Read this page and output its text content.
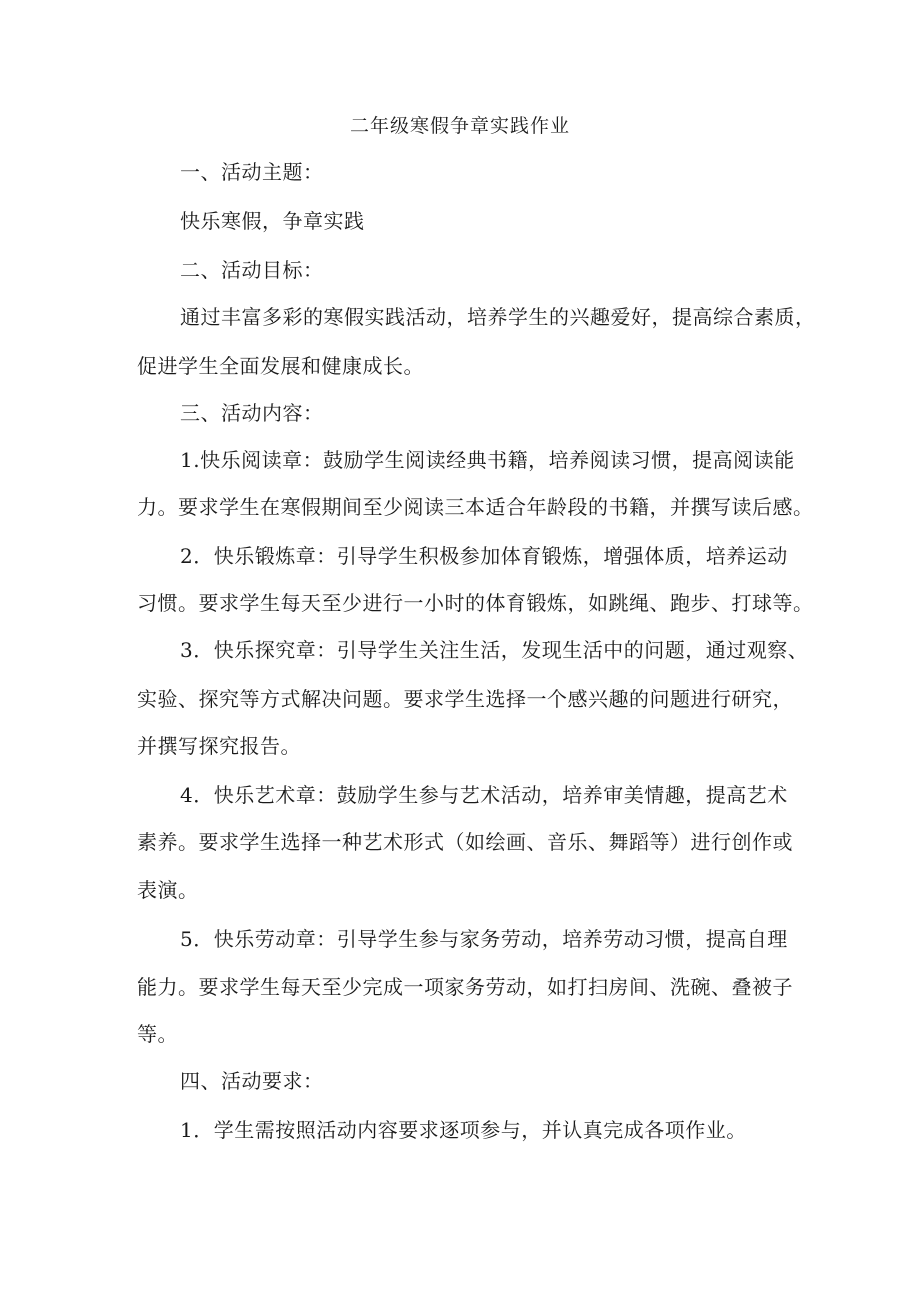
二年级寒假争章实践作业
一、活动主题：
快乐寒假，争章实践
二、活动目标：
通过丰富多彩的寒假实践活动，培养学生的兴趣爱好，提高综合素质，
促进学生全面发展和健康成长。
三、活动内容：
1.快乐阅读章：鼓励学生阅读经典书籍，培养阅读习惯，提高阅读能
力。要求学生在寒假期间至少阅读三本适合年龄段的书籍，并撰写读后感。
2．快乐锻炼章：引导学生积极参加体育锻炼，增强体质，培养运动
习惯。要求学生每天至少进行一小时的体育锻炼，如跳绳、跑步、打球等。
3．快乐探究章：引导学生关注生活，发现生活中的问题，通过观察、
实验、探究等方式解决问题。要求学生选择一个感兴趣的问题进行研究，
并撰写探究报告。
4．快乐艺术章：鼓励学生参与艺术活动，培养审美情趣，提高艺术
素养。要求学生选择一种艺术形式（如绘画、音乐、舞蹈等）进行创作或
表演。
5．快乐劳动章：引导学生参与家务劳动，培养劳动习惯，提高自理
能力。要求学生每天至少完成一项家务劳动，如打扫房间、洗碗、叠被子
等。
四、活动要求：
1．学生需按照活动内容要求逐项参与，并认真完成各项作业。
